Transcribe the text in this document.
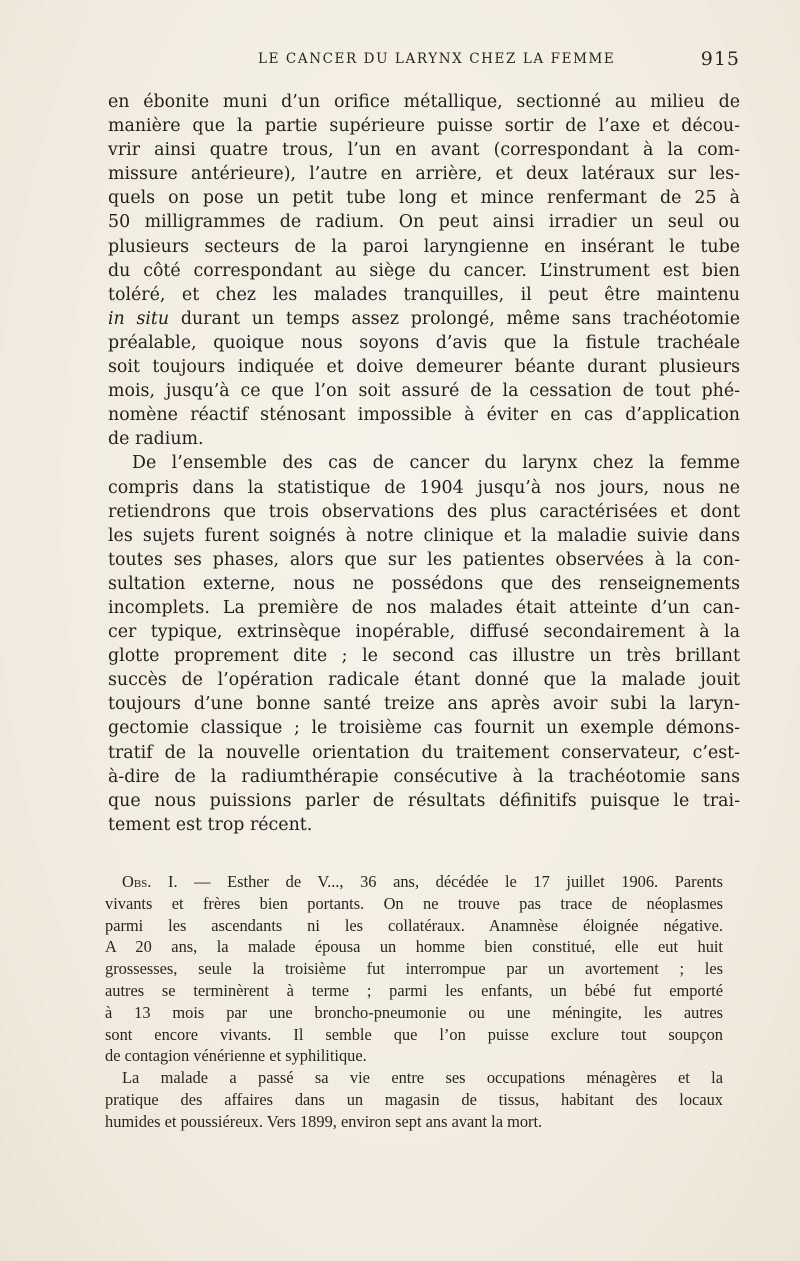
LE CANCER DU LARYNX CHEZ LA FEMME	915
en ébonite muni d’un orifice métallique, sectionné au milieu de
manière que la partie supérieure puisse sortir de l’axe et décou-
vrir ainsi quatre trous, l’un en avant (correspondant à la com-
missure antérieure), l’autre en arrière, et deux latéraux sur les-
quels on pose un petit tube long et mince renfermant de 25 à
50 milligrammes de radium. On peut ainsi irradier un seul ou
plusieurs secteurs de la paroi laryngienne en insérant le tube
du côté correspondant au siège du cancer. L’instrument est bien
toléré, et chez les malades tranquilles, il peut être maintenu
in situ durant un temps assez prolongé, même sans trachéotomie
préalable, quoique nous soyons d’avis que la fistule trachéale
soit toujours indiquée et doive demeurer béante durant plusieurs
mois, jusqu’à ce que l’on soit assuré de la cessation de tout phé-
nomène réactif sténosant impossible à éviter en cas d’application
de radium.
De l’ensemble des cas de cancer du larynx chez la femme
compris dans la statistique de 1904 jusqu’à nos jours, nous ne
retiendrons que trois observations des plus caractérisées et dont
les sujets furent soignés à notre clinique et la maladie suivie dans
toutes ses phases, alors que sur les patientes observées à la con-
sultation externe, nous ne possédons que des renseignements
incomplets. La première de nos malades était atteinte d’un can-
cer typique, extrinsèque inopérable, diffusé secondairement à la
glotte proprement dite ; le second cas illustre un très brillant
succès de l’opération radicale étant donné que la malade jouit
toujours d’une bonne santé treize ans après avoir subi la laryn-
gectomie classique ; le troisième cas fournit un exemple démons-
tratif de la nouvelle orientation du traitement conservateur, c’est-
à-dire de la radiumthérapie consécutive à la trachéotomie sans
que nous puissions parler de résultats définitifs puisque le trai-
tement est trop récent.
Obs. I. — Esther de V..., 36 ans, décédée le 17 juillet 1906. Parents
vivants et frères bien portants. On ne trouve pas trace de néoplasmes
parmi les ascendants ni les collatéraux. Anamnèse éloignée négative.
A 20 ans, la malade épousa un homme bien constitué, elle eut huit
grossesses, seule la troisième fut interrompue par un avortement ; les
autres se terminèrent à terme ; parmi les enfants, un bébé fut emporté
à 13 mois par une broncho-pneumonie ou une méningite, les autres
sont encore vivants. Il semble que l’on puisse exclure tout soupçon
de contagion vénérienne et syphilitique.
La malade a passé sa vie entre ses occupations ménagères et la
pratique des affaires dans un magasin de tissus, habitant des locaux
humides et poussiéreux. Vers 1899, environ sept ans avant la mort.
